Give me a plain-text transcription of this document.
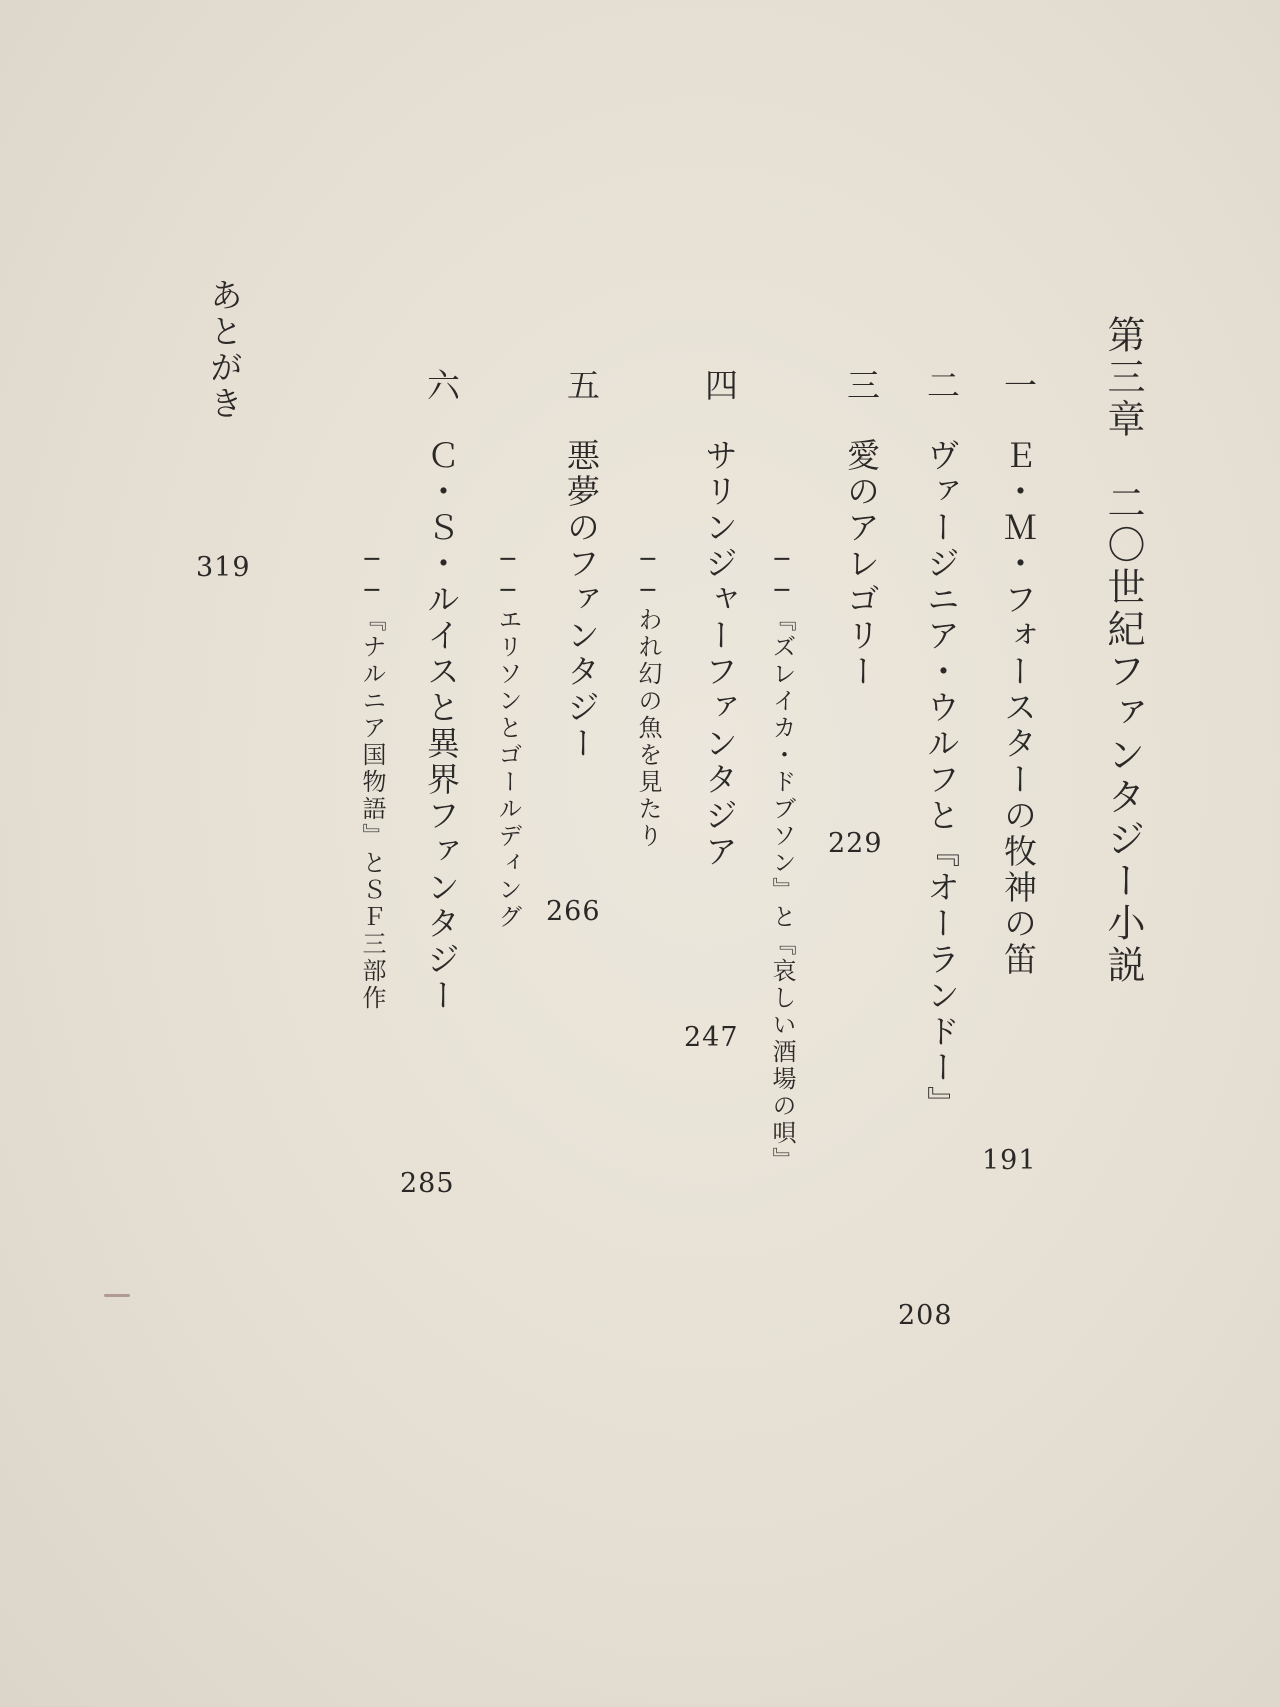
第三章　二〇世紀ファンタジー小説
一
Ｅ・Ｍ・フォースターの牧神の笛
191
二
ヴァージニア・ウルフと『オーランドー』
208
三
愛のアレゴリー
──『ズレイカ・ドブソン』と『哀しい酒場の唄』 229
四
サリンジャーファンタジア
──われ幻の魚を見たり
247
五
悪夢のファンタジー
──エリソンとゴールディング 266
六
Ｃ・Ｓ・ルイスと異界ファンタジー
──『ナルニア国物語』とＳＦ三部作
285
あとがき
319
